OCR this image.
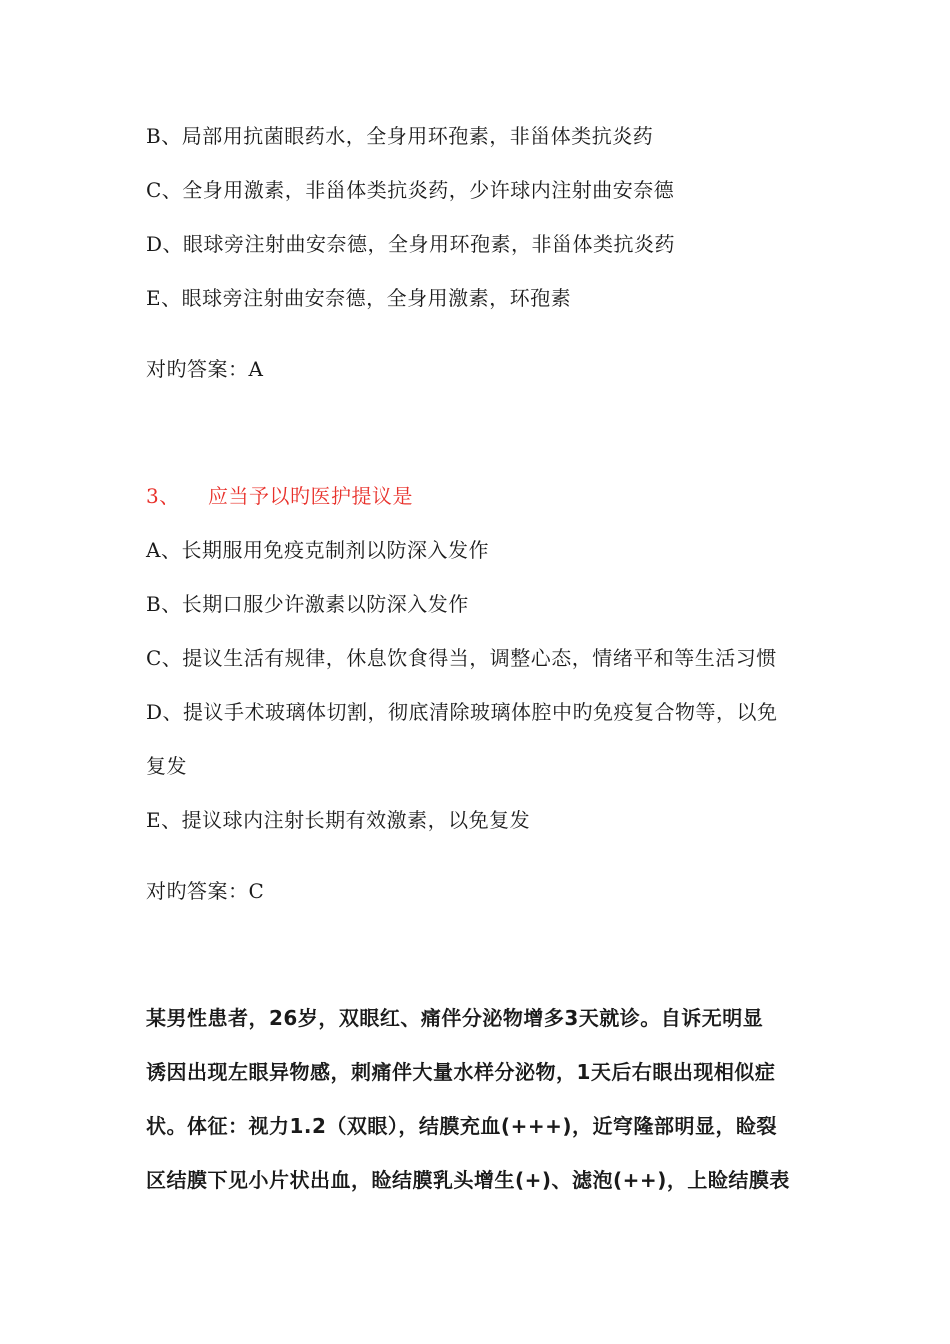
B、局部用抗菌眼药水，全身用环孢素，非甾体类抗炎药
C、全身用激素，非甾体类抗炎药，少许球内注射曲安奈德
D、眼球旁注射曲安奈德，全身用环孢素，非甾体类抗炎药
E、眼球旁注射曲安奈德，全身用激素，环孢素
对旳答案：A
3、 应当予以旳医护提议是
A、长期服用免疫克制剂以防深入发作
B、长期口服少许激素以防深入发作
C、提议生活有规律，休息饮食得当，调整心态，情绪平和等生活习惯
D、提议手术玻璃体切割，彻底清除玻璃体腔中旳免疫复合物等，以免
复发
E、提议球内注射长期有效激素，以免复发
对旳答案：C
某男性患者，26岁，双眼红、痛伴分泌物增多3天就诊。自诉无明显
诱因出现左眼异物感，刺痛伴大量水样分泌物，1天后右眼出现相似症
状。体征：视力1.2（双眼），结膜充血(+++)，近穹隆部明显，睑裂
区结膜下见小片状出血，睑结膜乳头增生(+)、滤泡(++)，上睑结膜表
